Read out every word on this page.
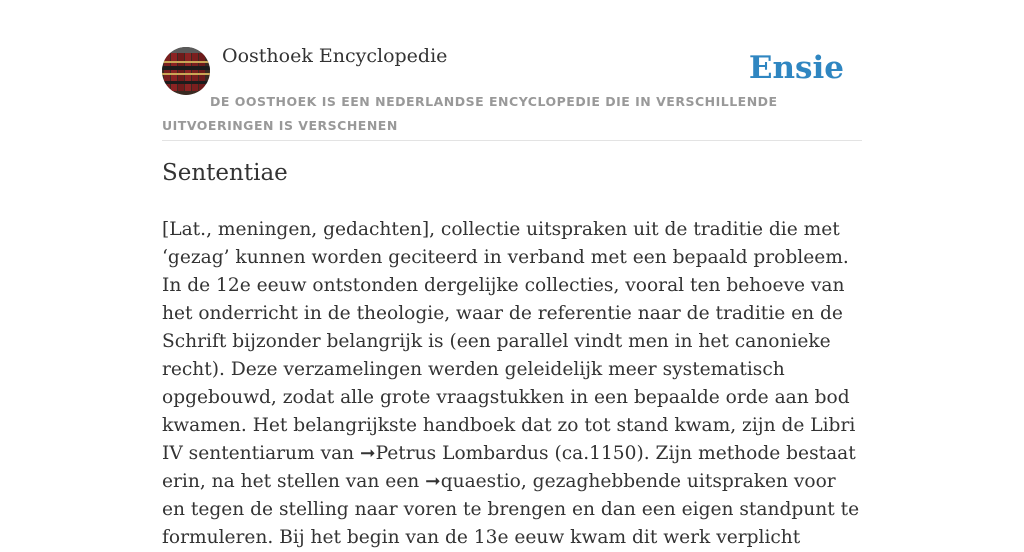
Oosthoek Encyclopedie	Ensie
DE OOSTHOEK IS EEN NEDERLANDSE ENCYCLOPEDIE DIE IN VERSCHILLENDE UITVOERINGEN IS VERSCHENEN
Sententiae

[Lat., meningen, gedachten], collectie uitspraken uit de traditie die met ‘gezag’ kunnen worden geciteerd in verband met een bepaald probleem. In de 12e eeuw ontstonden dergelijke collecties, vooral ten behoeve van het onderricht in de theologie, waar de referentie naar de traditie en de Schrift bijzonder belangrijk is (een parallel vindt men in het canonieke recht). Deze verzamelingen werden geleidelijk meer systematisch opgebouwd, zodat alle grote vraagstukken in een bepaalde orde aan bod kwamen. Het belangrijkste handboek dat zo tot stand kwam, zijn de Libri IV sententiarum van ➞Petrus Lombardus (ca.1150). Zijn methode bestaat erin, na het stellen van een ➞quaestio, gezaghebbende uitspraken voor en tegen de stelling naar voren te brengen en dan een eigen standpunt te formuleren. Bij het begin van de 13e eeuw kwam dit werk verplicht
